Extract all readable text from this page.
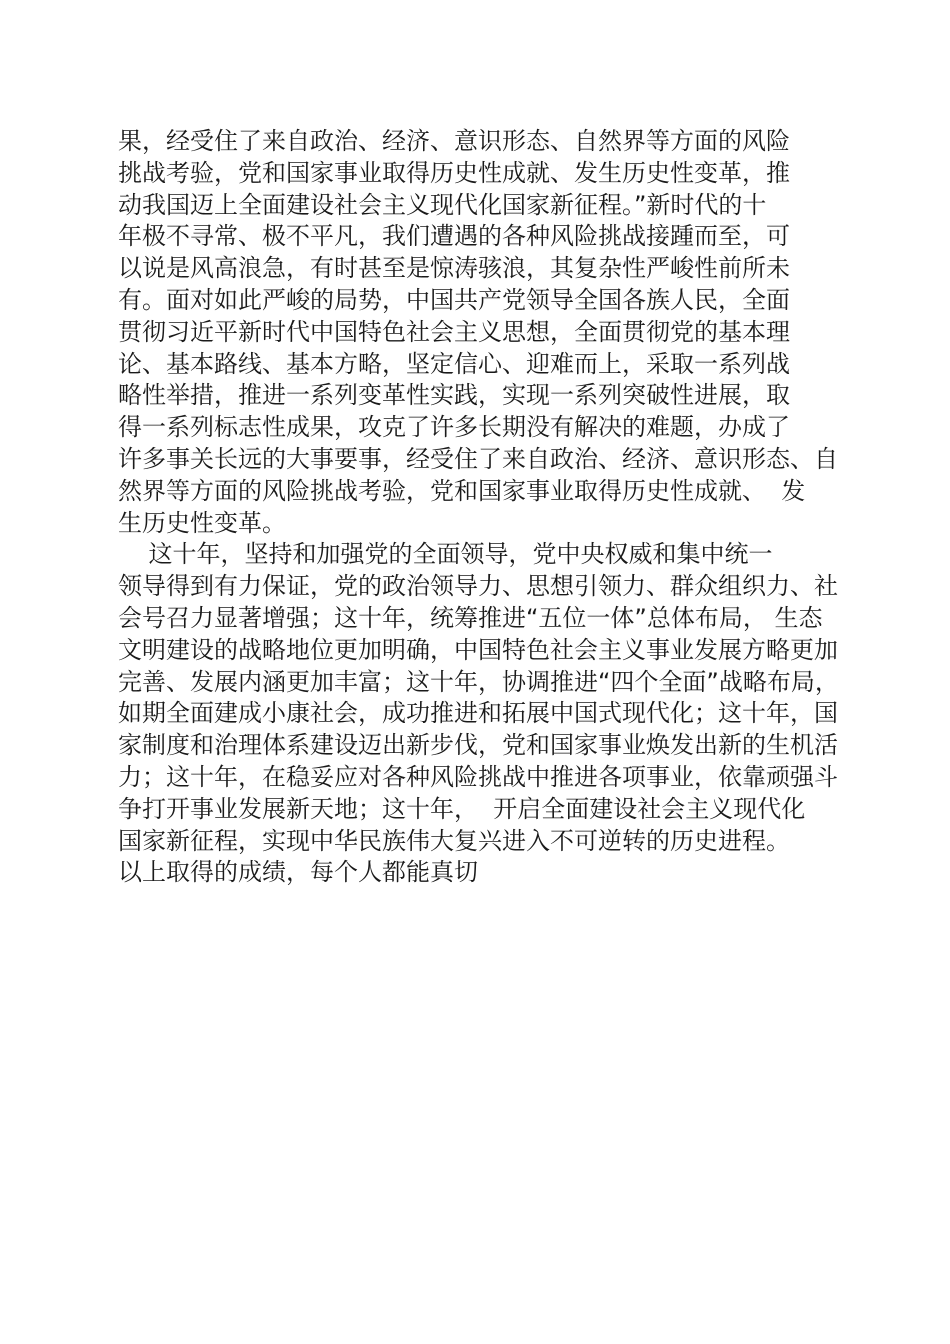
果，经受住了来自政治、经济、意识形态、自然界等方面的风险
挑战考验，党和国家事业取得历史性成就、发生历史性变革，推
动我国迈上全面建设社会主义现代化国家新征程。”新时代的十
年极不寻常、极不平凡，我们遭遇的各种风险挑战接踵而至，可
以说是风高浪急，有时甚至是惊涛骇浪，其复杂性严峻性前所未
有。面对如此严峻的局势，中国共产党领导全国各族人民，全面
贯彻习近平新时代中国特色社会主义思想，全面贯彻党的基本理
论、基本路线、基本方略，坚定信心、迎难而上，采取一系列战
略性举措，推进一系列变革性实践，实现一系列突破性进展，取
得一系列标志性成果，攻克了许多长期没有解决的难题，办成了
许多事关长远的大事要事，经受住了来自政治、经济、意识形态、自
然界等方面的风险挑战考验，党和国家事业取得历史性成就、  发
生历史性变革。
这十年，坚持和加强党的全面领导，党中央权威和集中统一
领导得到有力保证，党的政治领导力、思想引领力、群众组织力、社
会号召力显著增强；这十年，统筹推进“五位一体”总体布局， 生态
文明建设的战略地位更加明确，中国特色社会主义事业发展方略更加
完善、发展内涵更加丰富；这十年，协调推进“四个全面”战略布局，
如期全面建成小康社会，成功推进和拓展中国式现代化；这十年，国
家制度和治理体系建设迈出新步伐，党和国家事业焕发出新的生机活
力；这十年，在稳妥应对各种风险挑战中推进各项事业，依靠顽强斗
争打开事业发展新天地；这十年，  开启全面建设社会主义现代化
国家新征程，实现中华民族伟大复兴进入不可逆转的历史进程。
以上取得的成绩，每个人都能真切
